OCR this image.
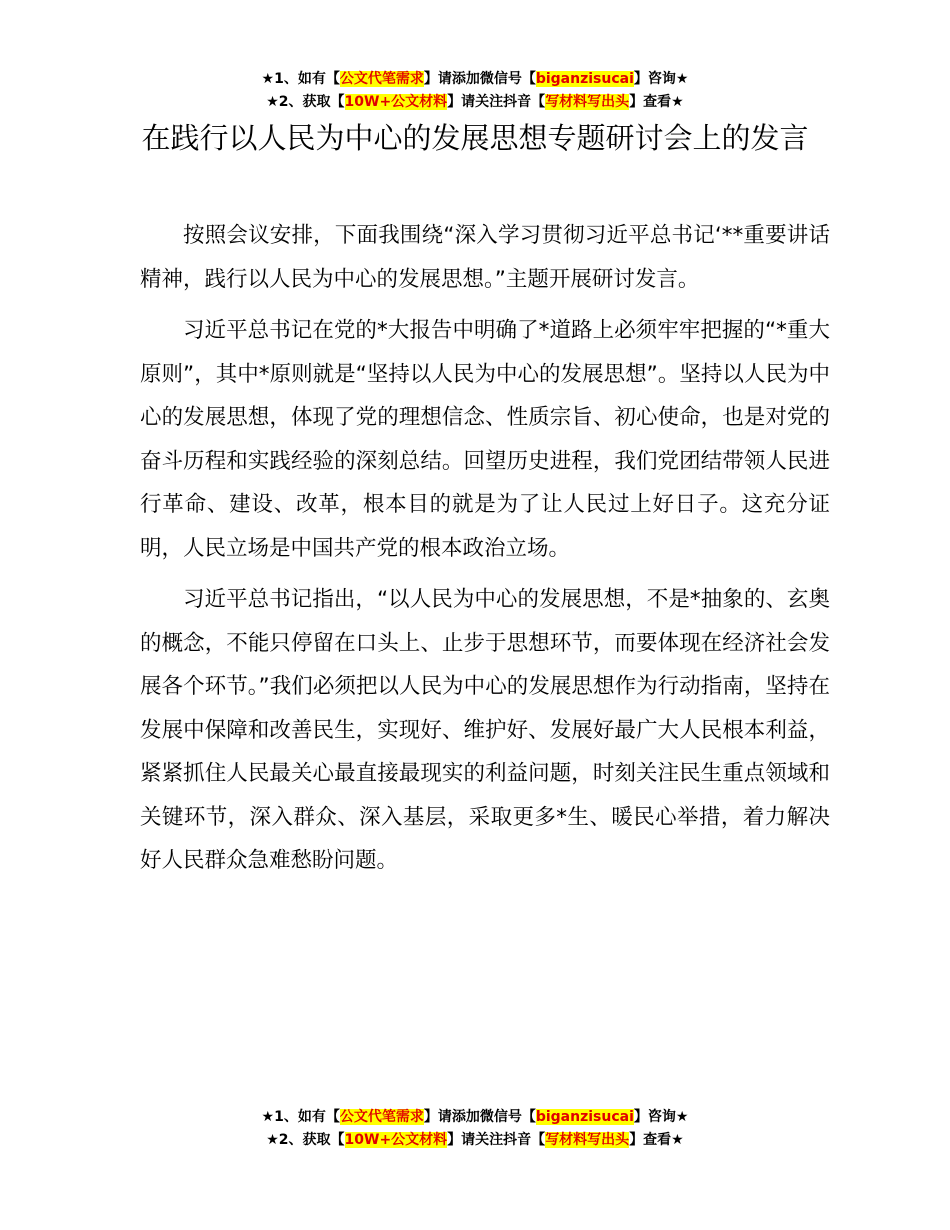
★1、如有【公文代笔需求】请添加微信号【biganzisucai】咨询★
★2、获取【10W+公文材料】请关注抖音【写材料写出头】查看★
在践行以人民为中心的发展思想专题研讨会上的发言

按照会议安排，下面我围绕“深入学习贯彻习近平总书记‘**重要讲话精神，践行以人民为中心的发展思想。”主题开展研讨发言。

习近平总书记在党的*大报告中明确了*道路上必须牢牢把握的“*重大原则”，其中*原则就是“坚持以人民为中心的发展思想”。坚持以人民为中心的发展思想，体现了党的理想信念、性质宗旨、初心使命，也是对党的奋斗历程和实践经验的深刻总结。回望历史进程，我们党团结带领人民进行革命、建设、改革，根本目的就是为了让人民过上好日子。这充分证明，人民立场是中国共产党的根本政治立场。

习近平总书记指出，“以人民为中心的发展思想，不是*抽象的、玄奥的概念，不能只停留在口头上、止步于思想环节，而要体现在经济社会发展各个环节。”我们必须把以人民为中心的发展思想作为行动指南，坚持在发展中保障和改善民生，实现好、维护好、发展好最广大人民根本利益，紧紧抓住人民最关心最直接最现实的利益问题，时刻关注民生重点领域和关键环节，深入群众、深入基层，采取更多*生、暖民心举措，着力解决好人民群众急难愁盼问题。

★1、如有【公文代笔需求】请添加微信号【biganzisucai】咨询★
★2、获取【10W+公文材料】请关注抖音【写材料写出头】查看★
